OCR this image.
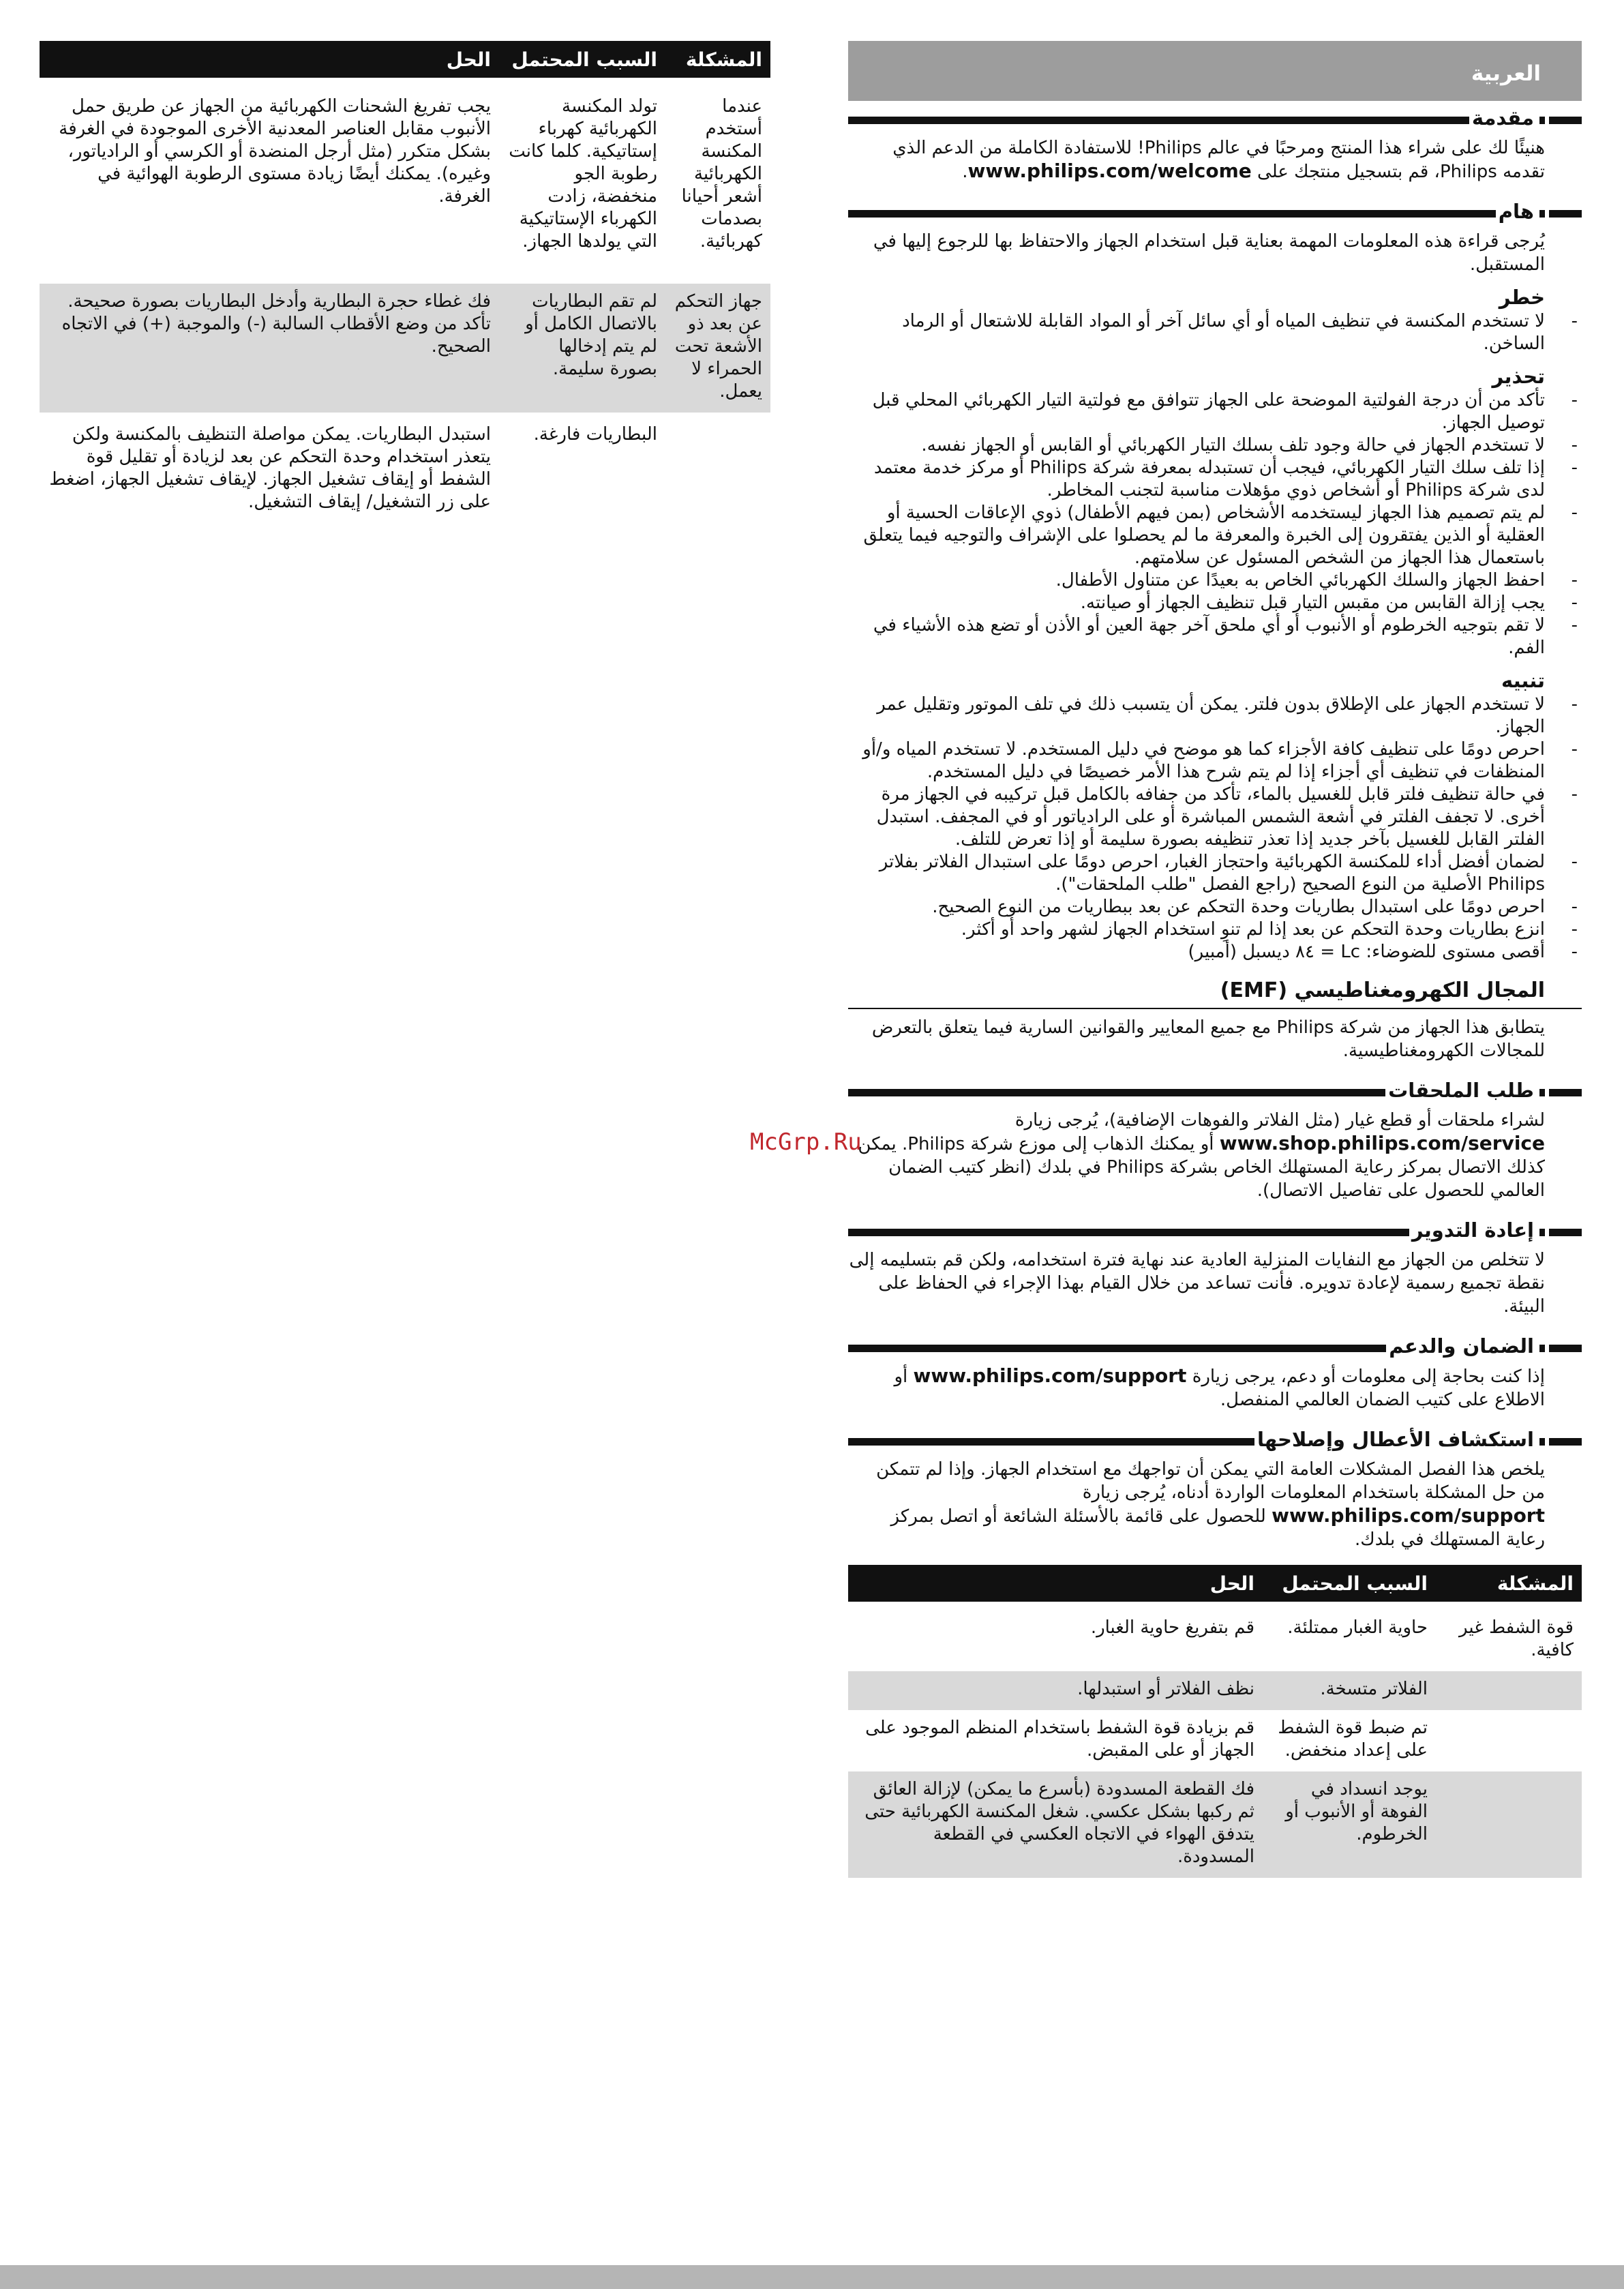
المشكلة	السبب المحتمل	الحل
عندما أستخدم المكنسة الكهربائية أشعر أحيانا بصدمات كهربائية.	تولد المكنسة الكهربائية كهرباء إستاتيكية. كلما كانت رطوبة الجو منخفضة، زادت الكهرباء الإستاتيكية التي يولدها الجهاز.	يجب تفريغ الشحنات الكهربائية من الجهاز عن طريق حمل الأنبوب مقابل العناصر المعدنية الأخرى الموجودة في الغرفة بشكل متكرر (مثل أرجل المنضدة أو الكرسي أو الرادياتور، وغيره). يمكنك أيضًا زيادة مستوى الرطوبة الهوائية في الغرفة.
جهاز التحكم عن بعد ذو الأشعة تحت الحمراء لا يعمل.	لم تقم البطاريات بالاتصال الكامل أو لم يتم إدخالها بصورة سليمة.	فك غطاء حجرة البطارية وأدخل البطاريات بصورة صحيحة. تأكد من وضع الأقطاب السالبة (-) والموجبة (+) في الاتجاه الصحيح.
	البطاريات فارغة.	استبدل البطاريات. يمكن مواصلة التنظيف بالمكنسة ولكن يتعذر استخدام وحدة التحكم عن بعد لزيادة أو تقليل قوة الشفط أو إيقاف تشغيل الجهاز. لإيقاف تشغيل الجهاز، اضغط على زر التشغيل/ إيقاف التشغيل.
العربية
مقدمة

هنيئًا لك على شراء هذا المنتج ومرحبًا في عالم Philips! للاستفادة الكاملة من الدعم الذي تقدمه Philips، قم بتسجيل منتجك على www.philips.com/welcome.

هام

يُرجى قراءة هذه المعلومات المهمة بعناية قبل استخدام الجهاز والاحتفاظ بها للرجوع إليها في المستقبل.

خطر
- لا تستخدم المكنسة في تنظيف المياه أو أي سائل آخر أو المواد القابلة للاشتعال أو الرماد الساخن.
تحذير
- تأكد من أن درجة الفولتية الموضحة على الجهاز تتوافق مع فولتية التيار الكهربائي المحلي قبل توصيل الجهاز.
- لا تستخدم الجهاز في حالة وجود تلف بسلك التيار الكهربائي أو القابس أو الجهاز نفسه.
- إذا تلف سلك التيار الكهربائي، فيجب أن تستبدله بمعرفة شركة Philips أو مركز خدمة معتمد لدى شركة Philips أو أشخاص ذوي مؤهلات مناسبة لتجنب المخاطر.
- لم يتم تصميم هذا الجهاز ليستخدمه الأشخاص (بمن فيهم الأطفال) ذوي الإعاقات الحسية أو العقلية أو الذين يفتقرون إلى الخبرة والمعرفة ما لم يحصلوا على الإشراف والتوجيه فيما يتعلق باستعمال هذا الجهاز من الشخص المسئول عن سلامتهم.
- احفظ الجهاز والسلك الكهربائي الخاص به بعيدًا عن متناول الأطفال.
- يجب إزالة القابس من مقبس التيار قبل تنظيف الجهاز أو صيانته.
- لا تقم بتوجيه الخرطوم أو الأنبوب أو أي ملحق آخر جهة العين أو الأذن أو تضع هذه الأشياء في الفم.
تنبيه
- لا تستخدم الجهاز على الإطلاق بدون فلتر. يمكن أن يتسبب ذلك في تلف الموتور وتقليل عمر الجهاز.
- احرص دومًا على تنظيف كافة الأجزاء كما هو موضح في دليل المستخدم. لا تستخدم المياه و/أو المنظفات في تنظيف أي أجزاء إذا لم يتم شرح هذا الأمر خصيصًا في دليل المستخدم.
- في حالة تنظيف فلتر قابل للغسيل بالماء، تأكد من جفافه بالكامل قبل تركيبه في الجهاز مرة أخرى. لا تجفف الفلتر في أشعة الشمس المباشرة أو على الرادياتور أو في المجفف. استبدل الفلتر القابل للغسيل بآخر جديد إذا تعذر تنظيفه بصورة سليمة أو إذا تعرض للتلف.
- لضمان أفضل أداء للمكنسة الكهربائية واحتجاز الغبار، احرص دومًا على استبدال الفلاتر بفلاتر Philips الأصلية من النوع الصحيح (راجع الفصل "طلب الملحقات").
- احرص دومًا على استبدال بطاريات وحدة التحكم عن بعد ببطاريات من النوع الصحيح.
- انزع بطاريات وحدة التحكم عن بعد إذا لم تنوِ استخدام الجهاز لشهر واحد أو أكثر.
- أقصى مستوى للضوضاء: Lc = ٨٤ ديسبل (أمبير)
المجال الكهرومغناطيسي (EMF)

يتطابق هذا الجهاز من شركة Philips مع جميع المعايير والقوانين السارية فيما يتعلق بالتعرض للمجالات الكهرومغناطيسية.

طلب الملحقات

لشراء ملحقات أو قطع غيار (مثل الفلاتر والفوهات الإضافية)، يُرجى زيارة www.shop.philips.com/service أو يمكنك الذهاب إلى موزع شركة Philips. يمكن كذلك الاتصال بمركز رعاية المستهلك الخاص بشركة Philips في بلدك (انظر كتيب الضمان العالمي للحصول على تفاصيل الاتصال).

إعادة التدوير

لا تتخلص من الجهاز مع النفايات المنزلية العادية عند نهاية فترة استخدامه، ولكن قم بتسليمه إلى نقطة تجميع رسمية لإعادة تدويره. فأنت تساعد من خلال القيام بهذا الإجراء في الحفاظ على البيئة.

الضمان والدعم

إذا كنت بحاجة إلى معلومات أو دعم، يرجى زيارة www.philips.com/support أو الاطلاع على كتيب الضمان العالمي المنفصل.

استكشاف الأعطال وإصلاحها

يلخص هذا الفصل المشكلات العامة التي يمكن أن تواجهك مع استخدام الجهاز. وإذا لم تتمكن من حل المشكلة باستخدام المعلومات الواردة أدناه، يُرجى زيارة www.philips.com/support للحصول على قائمة بالأسئلة الشائعة أو اتصل بمركز رعاية المستهلك في بلدك.

المشكلة	السبب المحتمل	الحل
قوة الشفط غير كافية.	حاوية الغبار ممتلئة.	قم بتفريغ حاوية الغبار.
	الفلاتر متسخة.	نظف الفلاتر أو استبدلها.
	تم ضبط قوة الشفط على إعداد منخفض.	قم بزيادة قوة الشفط باستخدام المنظم الموجود على الجهاز أو على المقبض.
	يوجد انسداد في الفوهة أو الأنبوب أو الخرطوم.	فك القطعة المسدودة (بأسرع ما يمكن) لإزالة العائق ثم ركبها بشكل عكسي. شغل المكنسة الكهربائية حتى يتدفق الهواء في الاتجاه العكسي في القطعة المسدودة.
McGrp.Ru
